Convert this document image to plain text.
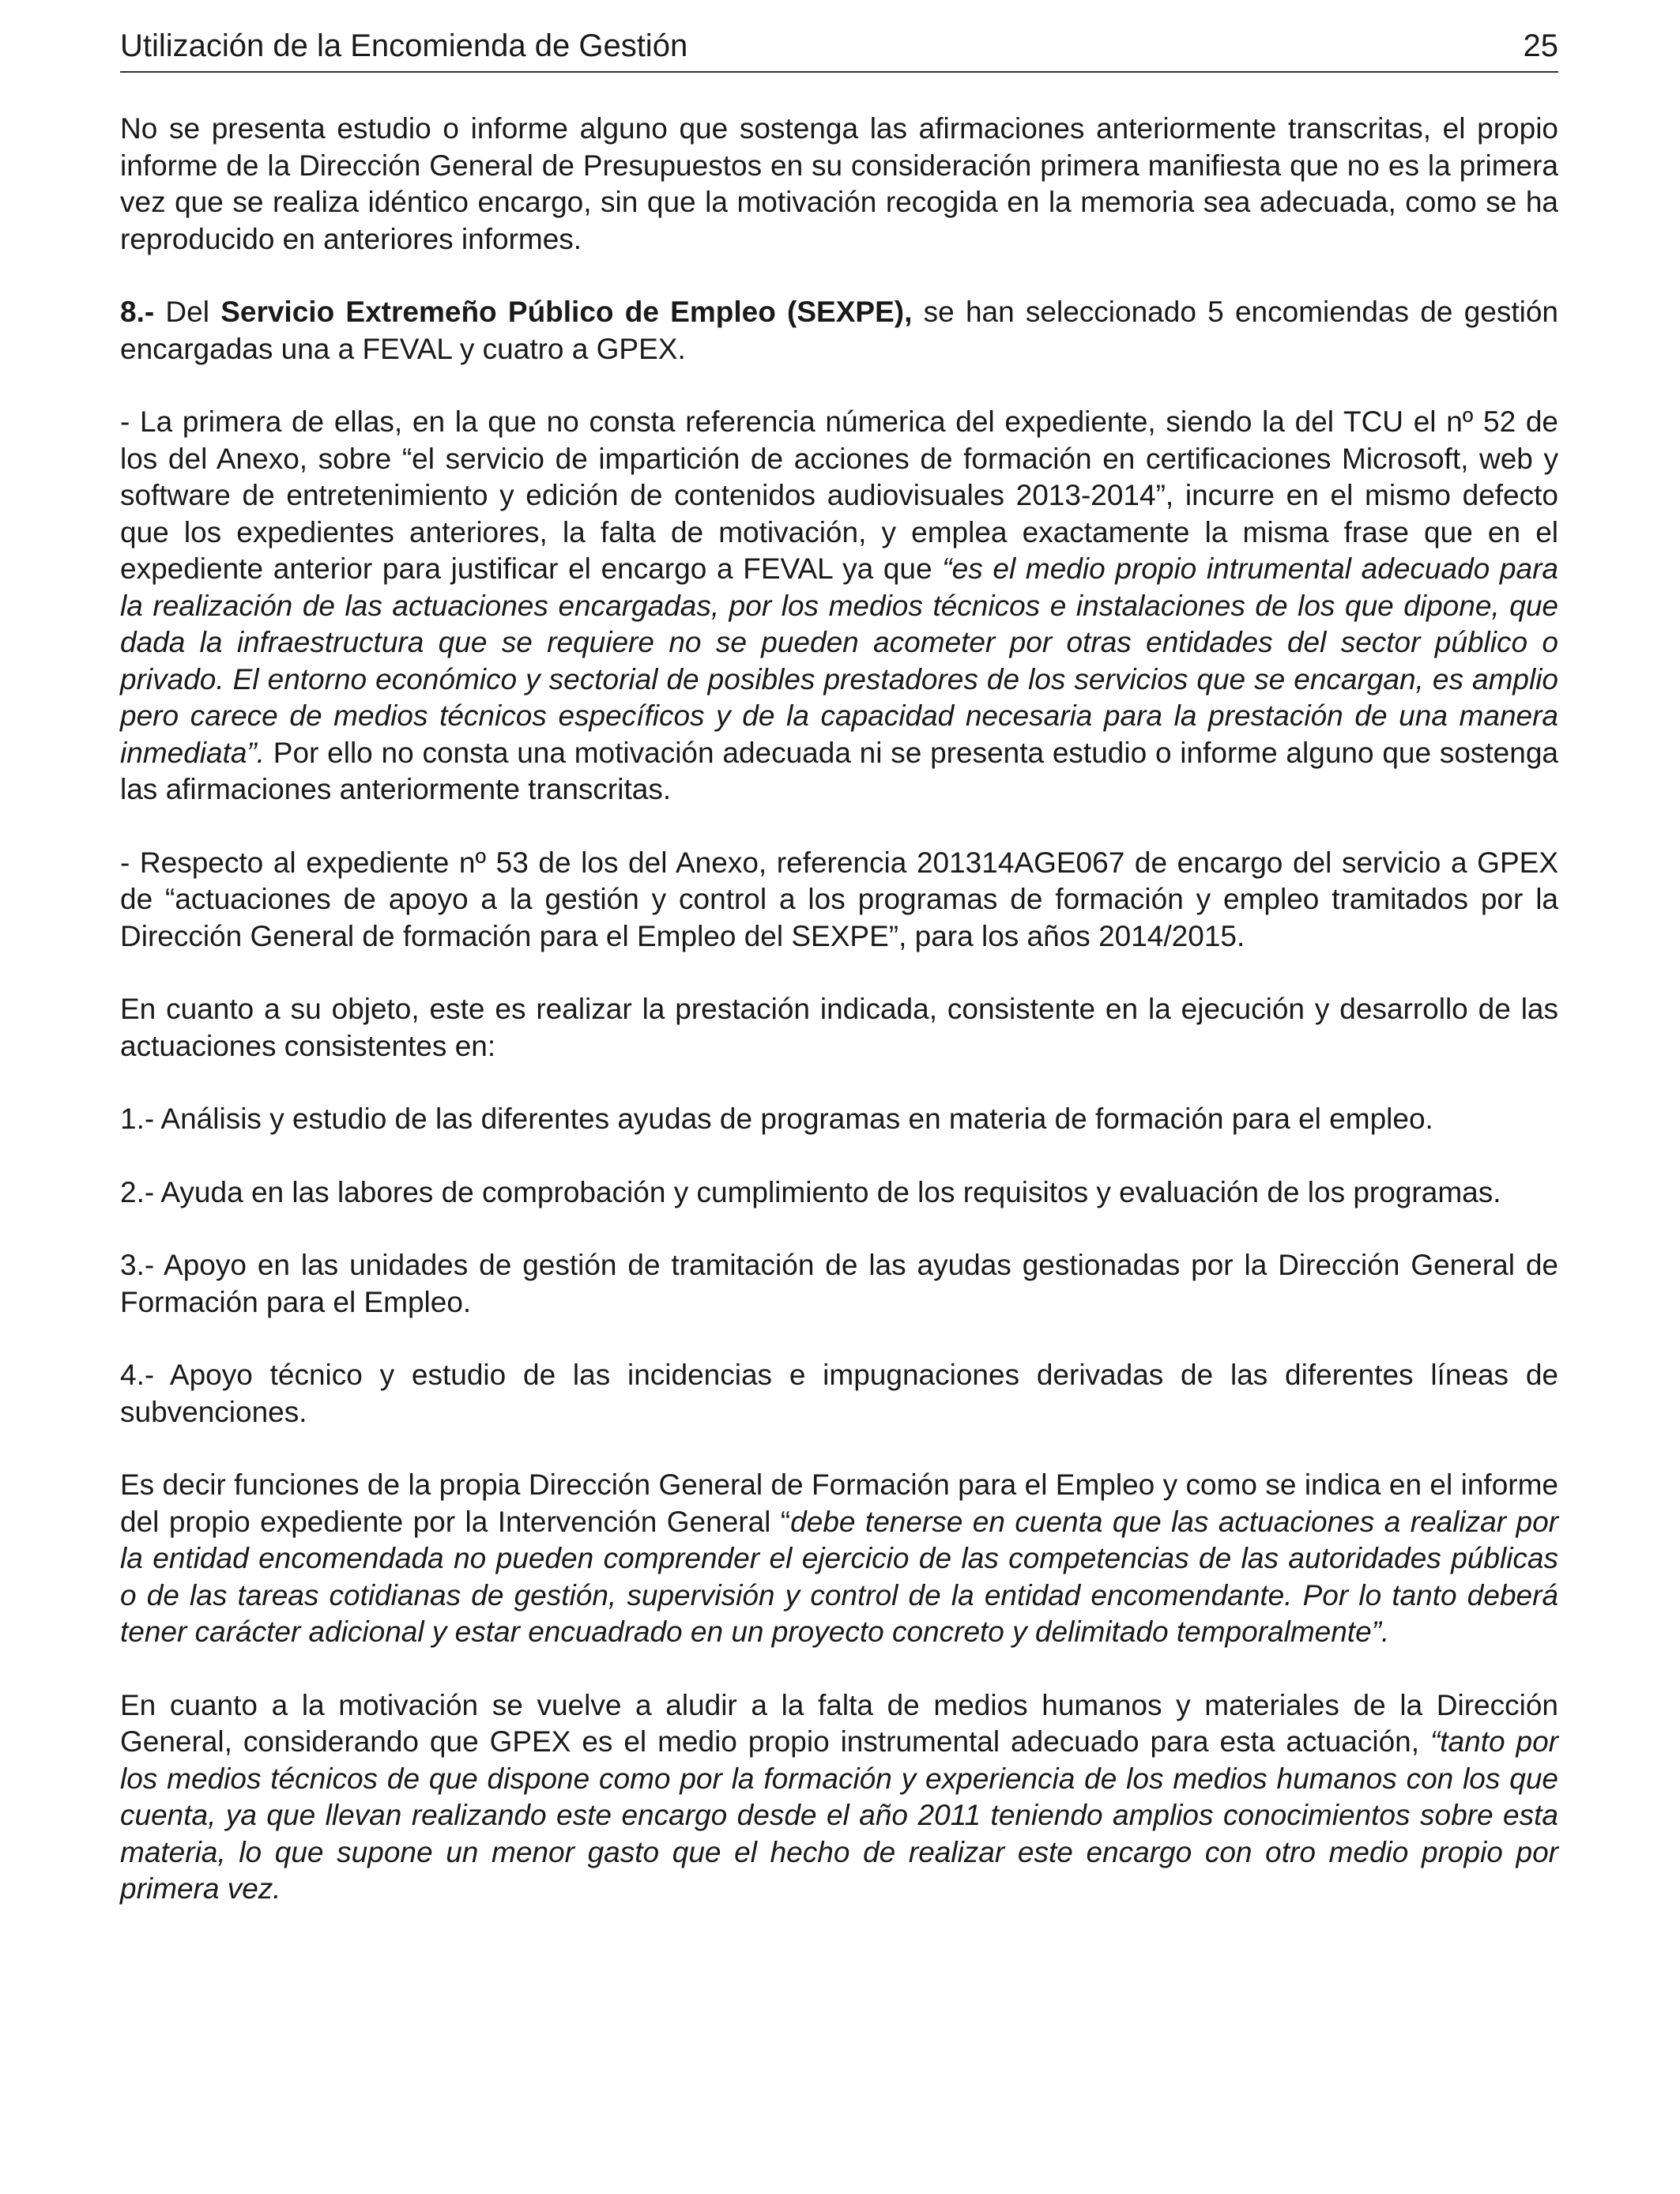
Utilización de la Encomienda de Gestión	25

No se presenta estudio o informe alguno que sostenga las afirmaciones anteriormente transcritas, el propio informe de la Dirección General de Presupuestos en su consideración primera manifiesta que no es la primera vez que se realiza idéntico encargo, sin que la motivación recogida en la memoria sea adecuada, como se ha reproducido en anteriores informes.

8.- Del Servicio Extremeño Público de Empleo (SEXPE), se han seleccionado 5 encomiendas de gestión encargadas una a FEVAL y cuatro a GPEX.

- La primera de ellas, en la que no consta referencia númerica del expediente, siendo la del TCU el nº 52 de los del Anexo, sobre “el servicio de impartición de acciones de formación en certificaciones Microsoft, web y software de entretenimiento y edición de contenidos audiovisuales 2013-2014”, incurre en el mismo defecto que los expedientes anteriores, la falta de motivación, y emplea exactamente la misma frase que en el expediente anterior para justificar el encargo a FEVAL ya que “es el medio propio intrumental adecuado para la realización de las actuaciones encargadas, por los medios técnicos e instalaciones de los que dipone, que dada la infraestructura que se requiere no se pueden acometer por otras entidades del sector público o privado. El entorno económico y sectorial de posibles prestadores de los servicios que se encargan, es amplio pero carece de medios técnicos específicos y de la capacidad necesaria para la prestación de una manera inmediata”. Por ello no consta una motivación adecuada ni se presenta estudio o informe alguno que sostenga las afirmaciones anteriormente transcritas.

- Respecto al expediente nº 53 de los del Anexo, referencia 201314AGE067 de encargo del servicio a GPEX de “actuaciones de apoyo a la gestión y control a los programas de formación y empleo tramitados por la Dirección General de formación para el Empleo del SEXPE”, para los años 2014/2015.

En cuanto a su objeto, este es realizar la prestación indicada, consistente en la ejecución y desarrollo de las actuaciones consistentes en:

1.- Análisis y estudio de las diferentes ayudas de programas en materia de formación para el empleo.

2.- Ayuda en las labores de comprobación y cumplimiento de los requisitos y evaluación de los programas.

3.- Apoyo en las unidades de gestión de tramitación de las ayudas gestionadas por la Dirección General de Formación para el Empleo.

4.- Apoyo técnico y estudio de las incidencias e impugnaciones derivadas de las diferentes líneas de subvenciones.

Es decir funciones de la propia Dirección General de Formación para el Empleo y como se indica en el informe del propio expediente por la Intervención General “debe tenerse en cuenta que las actuaciones a realizar por la entidad encomendada no pueden comprender el ejercicio de las competencias de las autoridades públicas o de las tareas cotidianas de gestión, supervisión y control de la entidad encomendante. Por lo tanto deberá tener carácter adicional y estar encuadrado en un proyecto concreto y delimitado temporalmente”.

En cuanto a la motivación se vuelve a aludir a la falta de medios humanos y materiales de la Dirección General, considerando que GPEX es el medio propio instrumental adecuado para esta actuación, “tanto por los medios técnicos de que dispone como por la formación y experiencia de los medios humanos con los que cuenta, ya que llevan realizando este encargo desde el año 2011 teniendo amplios conocimientos sobre esta materia, lo que supone un menor gasto que el hecho de realizar este encargo con otro medio propio por primera vez.
